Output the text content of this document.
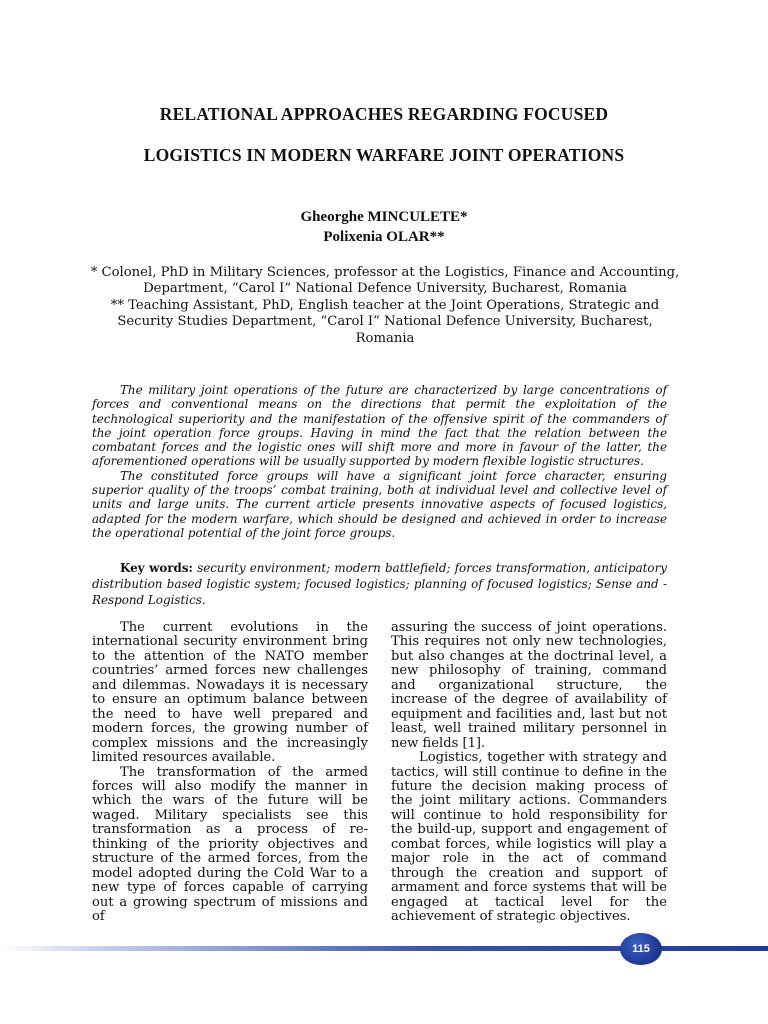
RELATIONAL APPROACHES REGARDING FOCUSED
LOGISTICS IN MODERN WARFARE JOINT OPERATIONS
Gheorghe MINCULETE*
Polixenia OLAR**

* Colonel, PhD in Military Sciences, professor at the Logistics, Finance and Accounting, Department, “Carol I” National Defence University, Bucharest, Romania

** Teaching Assistant, PhD, English teacher at the Joint Operations, Strategic and Security Studies Department, “Carol I” National Defence University, Bucharest, Romania

The military joint operations of the future are characterized by large concentrations of forces and conventional means on the directions that permit the exploitation of the technological superiority and the manifestation of the offensive spirit of the commanders of the joint operation force groups. Having in mind the fact that the relation between the combatant forces and the logistic ones will shift more and more in favour of the latter, the aforementioned operations will be usually supported by modern flexible logistic structures.

The constituted force groups will have a significant joint force character, ensuring superior quality of the troops’ combat training, both at individual level and collective level of units and large units. The current article presents innovative aspects of focused logistics, adapted for the modern warfare, which should be designed and achieved in order to increase the operational potential of the joint force groups.

Key words: security environment; modern battlefield; forces transformation, anticipatory distribution based logistic system; focused logistics; planning of focused logistics; Sense and - Respond Logistics.

The current evolutions in the international security environment bring to the attention of the NATO member countries’ armed forces new challenges and dilemmas. Nowadays it is necessary to ensure an optimum balance between the need to have well prepared and modern forces, the growing number of complex missions and the increasingly limited resources available.

The transformation of the armed forces will also modify the manner in which the wars of the future will be waged. Military specialists see this transformation as a process of re-thinking of the priority objectives and structure of the armed forces, from the model adopted during the Cold War to a new type of forces capable of carrying out a growing spectrum of missions and of

assuring the success of joint operations. This requires not only new technologies, but also changes at the doctrinal level, a new philosophy of training, command and organizational structure, the increase of the degree of availability of equipment and facilities and, last but not least, well trained military personnel in new fields [1].

Logistics, together with strategy and tactics, will still continue to define in the future the decision making process of the joint military actions. Commanders will continue to hold responsibility for the build-up, support and engagement of combat forces, while logistics will play a major role in the act of command through the creation and support of armament and force systems that will be engaged at tactical level for the achievement of strategic objectives.

115
